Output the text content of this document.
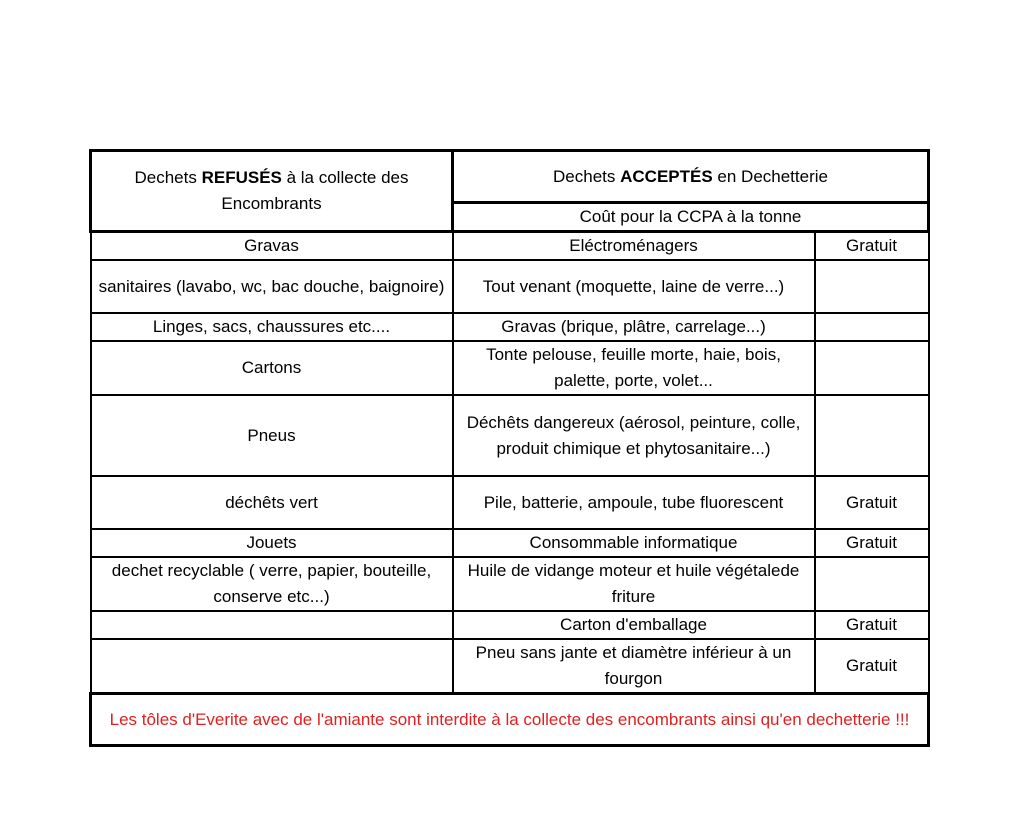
Dechets REFUSÉS à la collecte des Encombrants	Dechets ACCEPTÉS en Dechetterie	
	Coût pour la CCPA à la tonne	
Gravas	Eléctroménagers	Gratuit
sanitaires (lavabo, wc, bac douche, baignoire)	Tout venant (moquette, laine de verre...)	
Linges, sacs, chaussures etc....	Gravas (brique, plâtre, carrelage...)	
Cartons	Tonte pelouse, feuille morte, haie, bois, palette, porte, volet...	
Pneus	Déchêts dangereux (aérosol, peinture, colle, produit chimique et phytosanitaire...)	
déchêts vert	Pile, batterie, ampoule, tube fluorescent	Gratuit
Jouets	Consommable informatique	Gratuit
dechet recyclable ( verre, papier, bouteille, conserve etc...)	Huile de vidange moteur et huile végétalede friture	
	Carton d'emballage	Gratuit
	Pneu sans jante et diamètre inférieur à un fourgon	Gratuit
Les tôles d'Everite avec de l'amiante sont interdite à la collecte des encombrants ainsi qu'en dechetterie !!!		
